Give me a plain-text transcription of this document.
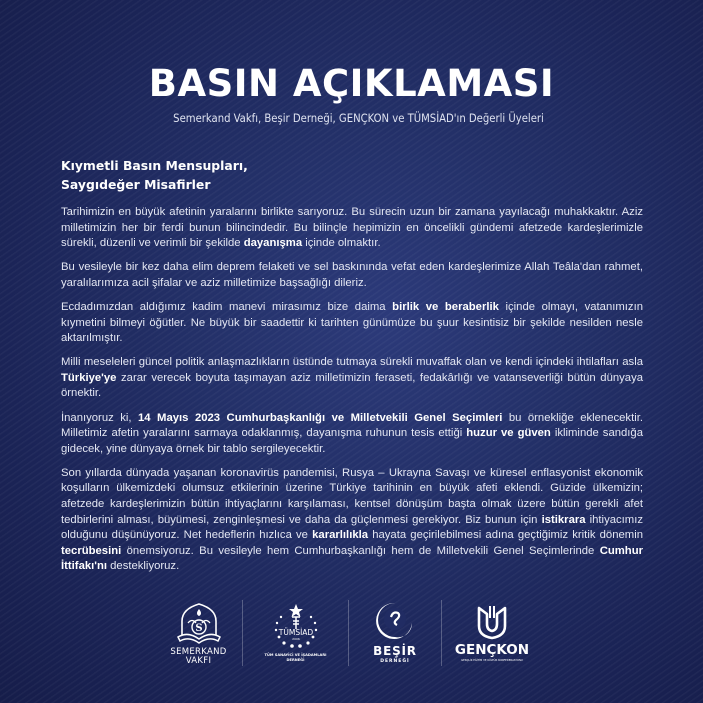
BASIN AÇIKLAMASI
Semerkand Vakfı, Beşir Derneği, GENÇKON ve TÜMSİAD'ın Değerli Üyeleri
Kıymetli Basın Mensupları,
Saygıdeğer Misafirler

Tarihimizin en büyük afetinin yaralarını birlikte sarıyoruz. Bu sürecin uzun bir zamana yayılacağı muhakkaktır. Aziz milletimizin her bir ferdi bunun bilincindedir. Bu bilinçle hepimizin en öncelikli gündemi afetzede kardeşlerimizle sürekli, düzenli ve verimli bir şekilde dayanışma içinde olmaktır.

Bu vesileyle bir kez daha elim deprem felaketi ve sel baskınında vefat eden kardeşlerimize Allah Teâla'dan rahmet, yaralılarımıza acil şifalar ve aziz milletimize başsağlığı dileriz.

Ecdadımızdan aldığımız kadim manevi mirasımız bize daima birlik ve beraberlik içinde olmayı, vatanımızın kıymetini bilmeyi öğütler. Ne büyük bir saadettir ki tarihten günümüze bu şuur kesintisiz bir şekilde nesilden nesle aktarılmıştır.

Milli meseleleri güncel politik anlaşmazlıkların üstünde tutmaya sürekli muvaffak olan ve kendi içindeki ihtilafları asla Türkiye'ye zarar verecek boyuta taşımayan aziz milletimizin feraseti, fedakârlığı ve vatanseverliği bütün dünyaya örnektir.

İnanıyoruz ki, 14 Mayıs 2023 Cumhurbaşkanlığı ve Milletvekili Genel Seçimleri bu örnekliğe eklenecektir. Milletimiz afetin yaralarını sarmaya odaklanmış, dayanışma ruhunun tesis ettiği huzur ve güven ikliminde sandığa gidecek, yine dünyaya örnek bir tablo sergileyecektir.

Son yıllarda dünyada yaşanan koronavirüs pandemisi, Rusya – Ukrayna Savaşı ve küresel enflasyonist ekonomik koşulların ülkemizdeki olumsuz etkilerinin üzerine Türkiye tarihinin en büyük afeti eklendi. Güzide ülkemizin; afetzede kardeşlerimizin bütün ihtiyaçlarını karşılaması, kentsel dönüşüm başta olmak üzere bütün gerekli afet tedbirlerini alması, büyümesi, zenginleşmesi ve daha da güçlenmesi gerekiyor. Biz bunun için istikrara ihtiyacımız olduğunu düşünüyoruz. Net hedeflerin hızlıca ve kararlılıkla hayata geçirilebilmesi adına geçtiğimiz kritik dönemin tecrübesini önemsiyoruz. Bu vesileyle hem Cumhurbaşkanlığı hem de Milletvekili Genel Seçimlerinde Cumhur İttifakı'nı destekliyoruz.

S
SEMERKAND
VAKFI
TÜMSİAD
2006
TÜM SANAYİCİ VE İŞADAMLARI
DERNEĞİ
BEŞİR
DERNEĞİ
GENÇKON
GENÇLİK EĞİTİM VE KÜLTÜR KONFEDERASYONU
